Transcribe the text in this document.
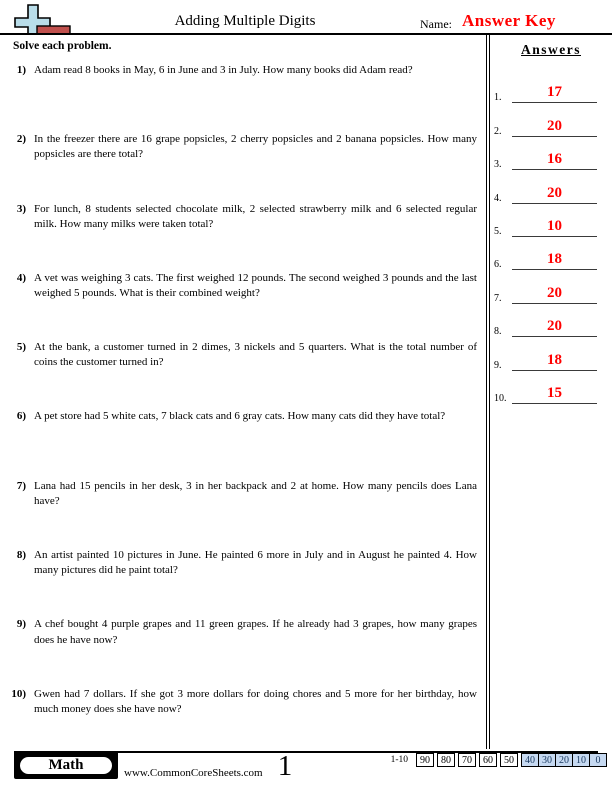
Adding Multiple Digits	Name: Answer Key
Solve each problem.
1) Adam read 8 books in May, 6 in June and 3 in July. How many books did Adam read?
2) In the freezer there are 16 grape popsicles, 2 cherry popsicles and 2 banana popsicles. How many popsicles are there total?
3) For lunch, 8 students selected chocolate milk, 2 selected strawberry milk and 6 selected regular milk. How many milks were taken total?
4) A vet was weighing 3 cats. The first weighed 12 pounds. The second weighed 3 pounds and the last weighed 5 pounds. What is their combined weight?
5) At the bank, a customer turned in 2 dimes, 3 nickels and 5 quarters. What is the total number of coins the customer turned in?
6) A pet store had 5 white cats, 7 black cats and 6 gray cats. How many cats did they have total?
7) Lana had 15 pencils in her desk, 3 in her backpack and 2 at home. How many pencils does Lana have?
8) An artist painted 10 pictures in June. He painted 6 more in July and in August he painted 4. How many pictures did he paint total?
9) A chef bought 4 purple grapes and 11 green grapes. If he already had 3 grapes, how many grapes does he have now?
10) Gwen had 7 dollars. If she got 3 more dollars for doing chores and 5 more for her birthday, how much money does she have now?
Answers
1.	17
2.	20
3.	16
4.	20
5.	10
6.	18
7.	20
8.	20
9.	18
10.	15
Math
www.CommonCoreSheets.com 1	1-10	90	80	70	60	50	40 30 20 10 0
